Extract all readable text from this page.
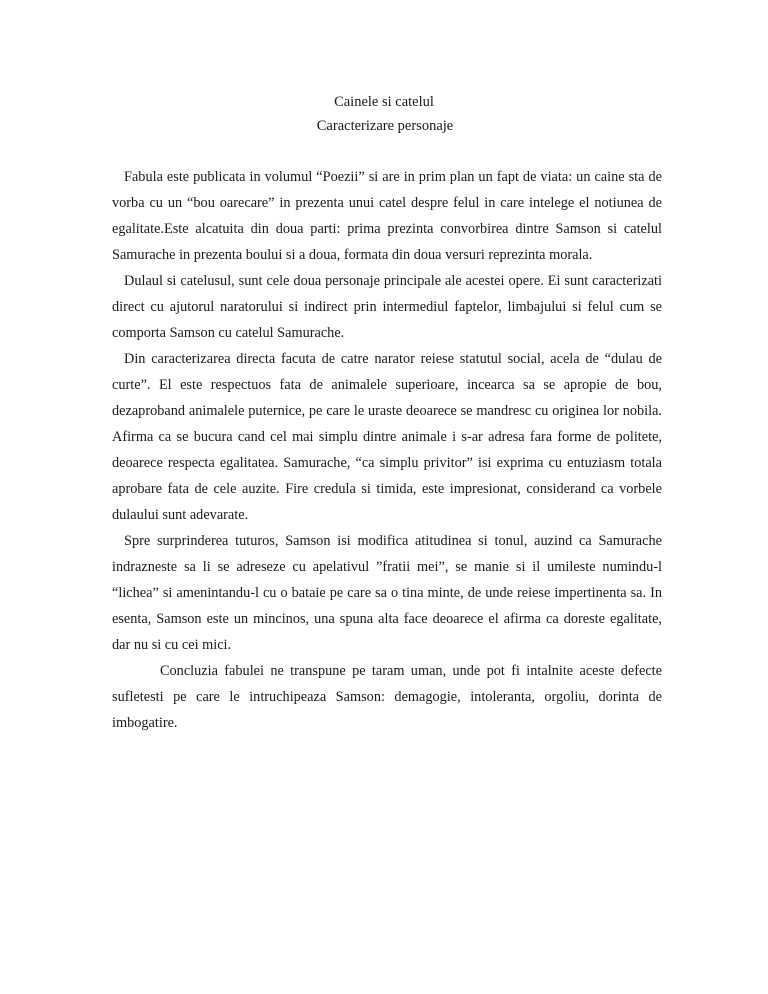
Cainele si catelul
Caracterizare personaje

Fabula este publicata in volumul “Poezii” si are in prim plan un fapt de viata: un caine sta de vorba cu un “bou oarecare” in prezenta unui catel despre felul in care intelege el notiunea de egalitate.Este alcatuita din doua parti: prima prezinta convorbirea dintre Samson si catelul Samurache in prezenta boului si a doua, formata din doua versuri reprezinta morala.

Dulaul si catelusul, sunt cele doua personaje principale ale acestei opere. Ei sunt caracterizati direct cu ajutorul naratorului si indirect prin intermediul faptelor, limbajului si felul cum se comporta Samson cu catelul Samurache.

Din caracterizarea directa facuta de catre narator reiese statutul social, acela de “dulau de curte”. El este respectuos fata de animalele superioare, incearca sa se apropie de bou, dezaproband animalele puternice, pe care le uraste deoarece se mandresc cu originea lor nobila. Afirma ca se bucura cand cel mai simplu dintre animale i s-ar adresa fara forme de politete, deoarece respecta egalitatea. Samurache, “ca simplu privitor” isi exprima cu entuziasm totala aprobare fata de cele auzite. Fire credula si timida, este impresionat, considerand ca vorbele dulaului sunt adevarate.

Spre surprinderea tuturos, Samson isi modifica atitudinea si tonul, auzind ca Samurache indrazneste sa li se adreseze cu apelativul ”fratii mei”, se manie si il umileste numindu-l “lichea” si amenintandu-l cu o bataie pe care sa o tina minte, de unde reiese impertinenta sa. In esenta, Samson este un mincinos, una spuna alta face deoarece el afirma ca doreste egalitate, dar nu si cu cei mici.

Concluzia fabulei ne transpune pe taram uman, unde pot fi intalnite aceste defecte sufletesti pe care le intruchipeaza Samson: demagogie, intoleranta, orgoliu, dorinta de imbogatire.
